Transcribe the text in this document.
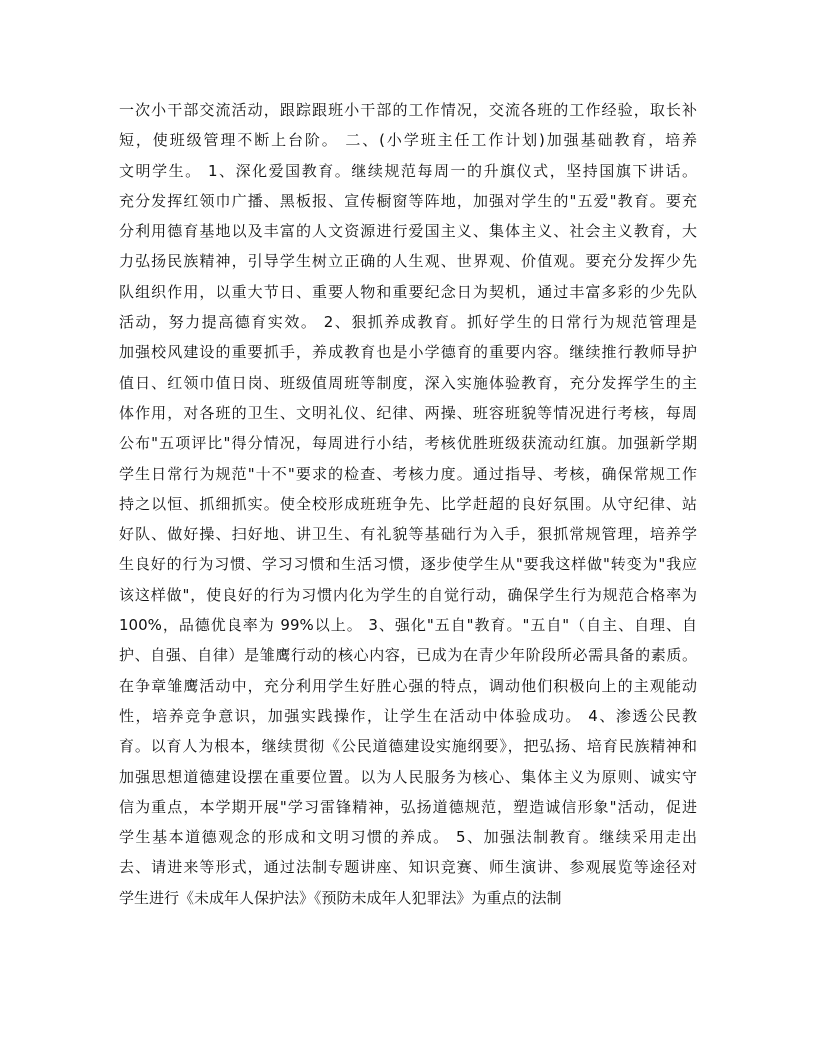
一次小干部交流活动，跟踪跟班小干部的工作情况，交流各班的工作经验，取长补
短，使班级管理不断上台阶。 二、(小学班主任工作计划)加强基础教育，培养
文明学生。 1、深化爱国教育。继续规范每周一的升旗仪式，坚持国旗下讲话。
充分发挥红领巾广播、黑板报、宣传橱窗等阵地，加强对学生的"五爱"教育。要充
分利用德育基地以及丰富的人文资源进行爱国主义、集体主义、社会主义教育，大
力弘扬民族精神，引导学生树立正确的人生观、世界观、价值观。要充分发挥少先
队组织作用，以重大节日、重要人物和重要纪念日为契机，通过丰富多彩的少先队
活动，努力提高德育实效。 2、狠抓养成教育。抓好学生的日常行为规范管理是
加强校风建设的重要抓手，养成教育也是小学德育的重要内容。继续推行教师导护
值日、红领巾值日岗、班级值周班等制度，深入实施体验教育，充分发挥学生的主
体作用，对各班的卫生、文明礼仪、纪律、两操、班容班貌等情况进行考核，每周
公布"五项评比"得分情况，每周进行小结，考核优胜班级获流动红旗。加强新学期
学生日常行为规范"十不"要求的检查、考核力度。通过指导、考核，确保常规工作
持之以恒、抓细抓实。使全校形成班班争先、比学赶超的良好氛围。从守纪律、站
好队、做好操、扫好地、讲卫生、有礼貌等基础行为入手，狠抓常规管理，培养学
生良好的行为习惯、学习习惯和生活习惯，逐步使学生从"要我这样做"转变为"我应
该这样做"，使良好的行为习惯内化为学生的自觉行动，确保学生行为规范合格率为
100%，品德优良率为 99%以上。 3、强化"五自"教育。"五自"（自主、自理、自
护、自强、自律）是雏鹰行动的核心内容，已成为在青少年阶段所必需具备的素质。
在争章雏鹰活动中，充分利用学生好胜心强的特点，调动他们积极向上的主观能动
性，培养竞争意识，加强实践操作，让学生在活动中体验成功。 4、渗透公民教
育。以育人为根本，继续贯彻《公民道德建设实施纲要》，把弘扬、培育民族精神和
加强思想道德建设摆在重要位置。以为人民服务为核心、集体主义为原则、诚实守
信为重点，本学期开展"学习雷锋精神，弘扬道德规范，塑造诚信形象"活动，促进
学生基本道德观念的形成和文明习惯的养成。 5、加强法制教育。继续采用走出
去、请进来等形式，通过法制专题讲座、知识竞赛、师生演讲、参观展览等途径对
学生进行《未成年人保护法》《预防未成年人犯罪法》为重点的法制
